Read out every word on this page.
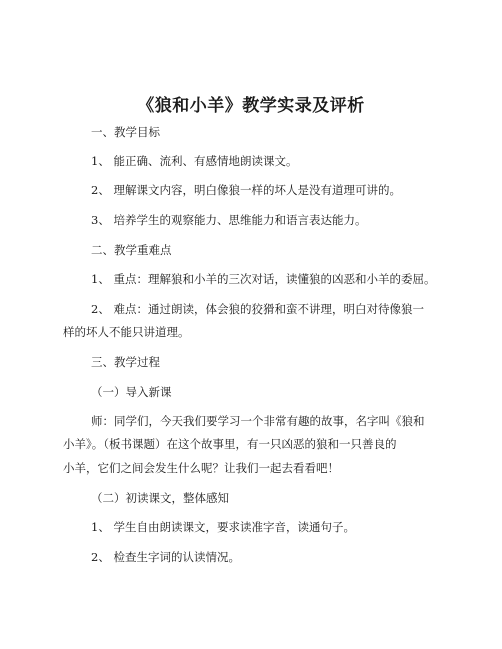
《狼和小羊》教学实录及评析
一、教学目标
1、 能正确、流利、有感情地朗读课文。
2、 理解课文内容，明白像狼一样的坏人是没有道理可讲的。
3、 培养学生的观察能力、思维能力和语言表达能力。
二、教学重难点
1、 重点：理解狼和小羊的三次对话，读懂狼的凶恶和小羊的委屈。
2、 难点：通过朗读，体会狼的狡猾和蛮不讲理，明白对待像狼一
样的坏人不能只讲道理。
三、教学过程
（一）导入新课
师：同学们，今天我们要学习一个非常有趣的故事，名字叫《狼和
小羊》。（板书课题）在这个故事里，有一只凶恶的狼和一只善良的
小羊，它们之间会发生什么呢？让我们一起去看看吧！
（二）初读课文，整体感知
1、 学生自由朗读课文，要求读准字音，读通句子。
2、 检查生字词的认读情况。
